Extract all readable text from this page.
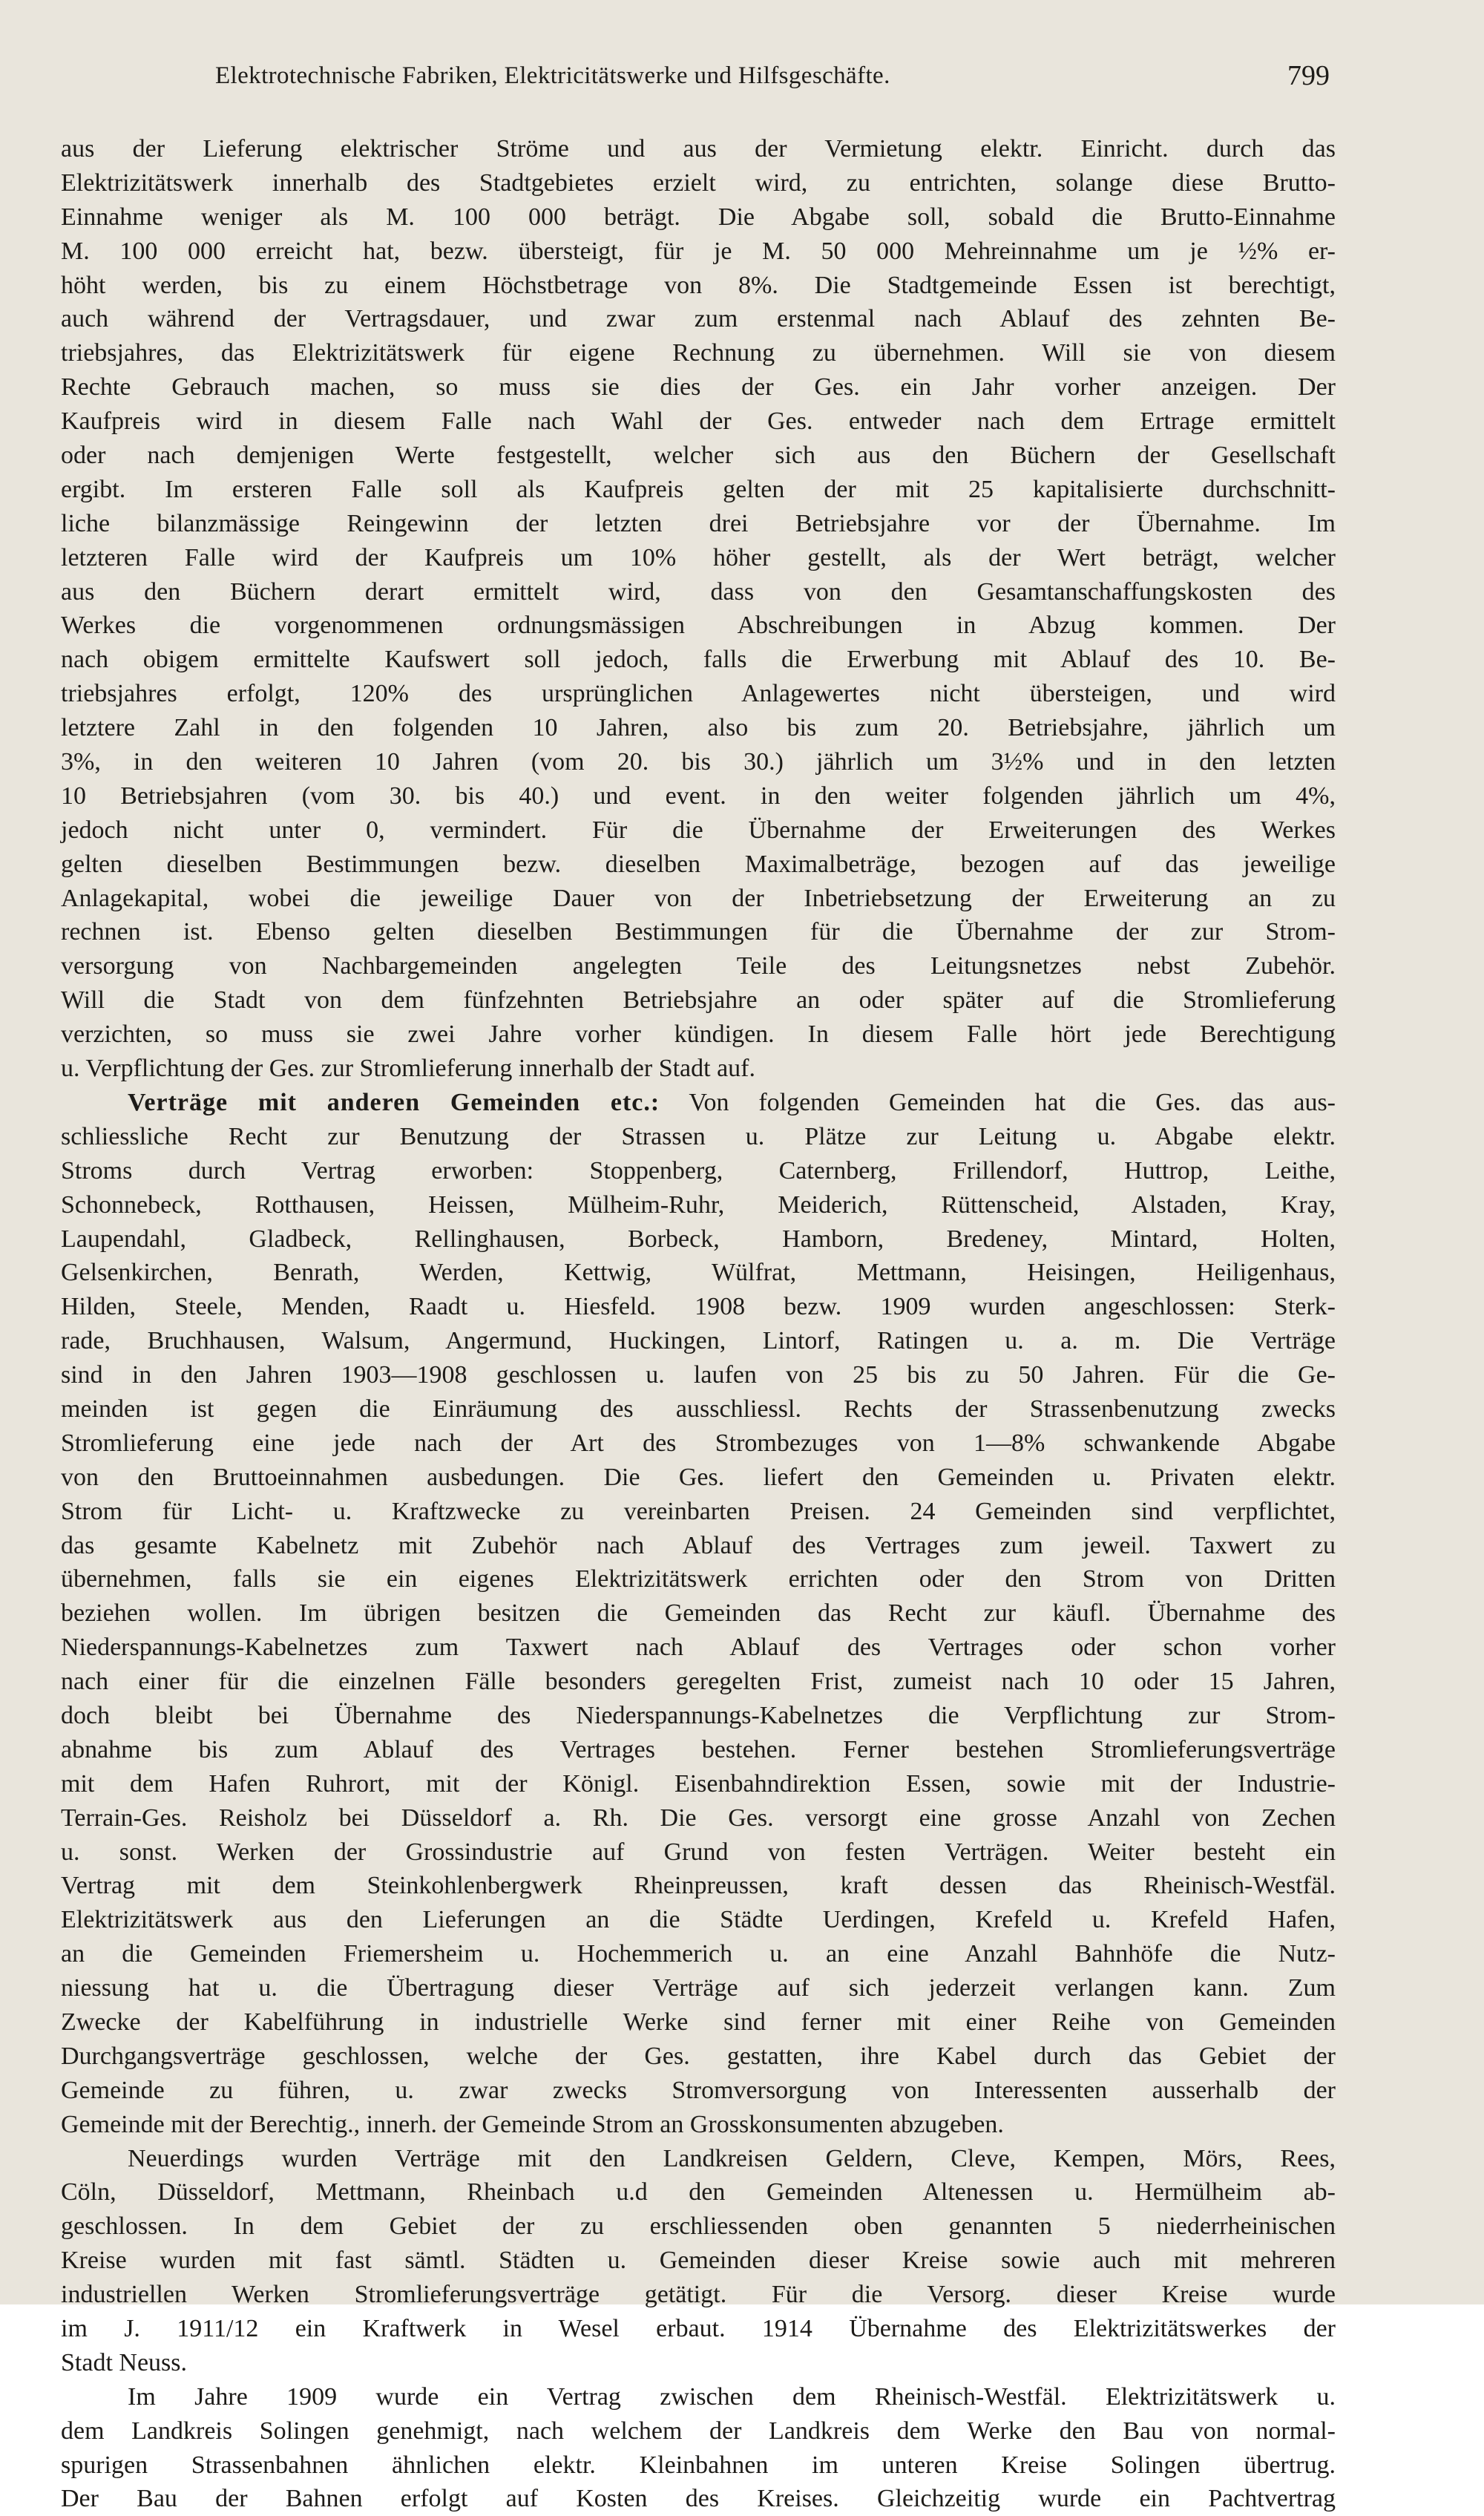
Elektrotechnische Fabriken, Elektricitätswerke und Hilfsgeschäfte.	799
aus der Lieferung elektrischer Ströme und aus der Vermietung elektr. Einricht. durch das
Elektrizitätswerk innerhalb des Stadtgebietes erzielt wird, zu entrichten, solange diese Brutto-
Einnahme weniger als M. 100 000 beträgt. Die Abgabe soll, sobald die Brutto-Einnahme
M. 100 000 erreicht hat, bezw. übersteigt, für je M. 50 000 Mehreinnahme um je ½% er-
höht werden, bis zu einem Höchstbetrage von 8%. Die Stadtgemeinde Essen ist berechtigt,
auch während der Vertragsdauer, und zwar zum erstenmal nach Ablauf des zehnten Be-
triebsjahres, das Elektrizitätswerk für eigene Rechnung zu übernehmen. Will sie von diesem
Rechte Gebrauch machen, so muss sie dies der Ges. ein Jahr vorher anzeigen. Der
Kaufpreis wird in diesem Falle nach Wahl der Ges. entweder nach dem Ertrage ermittelt
oder nach demjenigen Werte festgestellt, welcher sich aus den Büchern der Gesellschaft
ergibt. Im ersteren Falle soll als Kaufpreis gelten der mit 25 kapitalisierte durchschnitt-
liche bilanzmässige Reingewinn der letzten drei Betriebsjahre vor der Übernahme. Im
letzteren Falle wird der Kaufpreis um 10% höher gestellt, als der Wert beträgt, welcher
aus den Büchern derart ermittelt wird, dass von den Gesamtanschaffungskosten des
Werkes die vorgenommenen ordnungsmässigen Abschreibungen in Abzug kommen. Der
nach obigem ermittelte Kaufswert soll jedoch, falls die Erwerbung mit Ablauf des 10. Be-
triebsjahres erfolgt, 120% des ursprünglichen Anlagewertes nicht übersteigen, und wird
letztere Zahl in den folgenden 10 Jahren, also bis zum 20. Betriebsjahre, jährlich um
3%, in den weiteren 10 Jahren (vom 20. bis 30.) jährlich um 3½% und in den letzten
10 Betriebsjahren (vom 30. bis 40.) und event. in den weiter folgenden jährlich um 4%,
jedoch nicht unter 0, vermindert. Für die Übernahme der Erweiterungen des Werkes
gelten dieselben Bestimmungen bezw. dieselben Maximalbeträge, bezogen auf das jeweilige
Anlagekapital, wobei die jeweilige Dauer von der Inbetriebsetzung der Erweiterung an zu
rechnen ist. Ebenso gelten dieselben Bestimmungen für die Übernahme der zur Strom-
versorgung von Nachbargemeinden angelegten Teile des Leitungsnetzes nebst Zubehör.
Will die Stadt von dem fünfzehnten Betriebsjahre an oder später auf die Stromlieferung
verzichten, so muss sie zwei Jahre vorher kündigen. In diesem Falle hört jede Berechtigung
u. Verpflichtung der Ges. zur Stromlieferung innerhalb der Stadt auf.
Verträge mit anderen Gemeinden etc.: Von folgenden Gemeinden hat die Ges. das aus-
schliessliche Recht zur Benutzung der Strassen u. Plätze zur Leitung u. Abgabe elektr.
Stroms durch Vertrag erworben: Stoppenberg, Caternberg, Frillendorf, Huttrop, Leithe,
Schonnebeck, Rotthausen, Heissen, Mülheim-Ruhr, Meiderich, Rüttenscheid, Alstaden, Kray,
Laupendahl, Gladbeck, Rellinghausen, Borbeck, Hamborn, Bredeney, Mintard, Holten,
Gelsenkirchen, Benrath, Werden, Kettwig, Wülfrat, Mettmann, Heisingen, Heiligenhaus,
Hilden, Steele, Menden, Raadt u. Hiesfeld. 1908 bezw. 1909 wurden angeschlossen: Sterk-
rade, Bruchhausen, Walsum, Angermund, Huckingen, Lintorf, Ratingen u. a. m. Die Verträge
sind in den Jahren 1903—1908 geschlossen u. laufen von 25 bis zu 50 Jahren. Für die Ge-
meinden ist gegen die Einräumung des ausschliessl. Rechts der Strassenbenutzung zwecks
Stromlieferung eine jede nach der Art des Strombezuges von 1—8% schwankende Abgabe
von den Bruttoeinnahmen ausbedungen. Die Ges. liefert den Gemeinden u. Privaten elektr.
Strom für Licht- u. Kraftzwecke zu vereinbarten Preisen. 24 Gemeinden sind verpflichtet,
das gesamte Kabelnetz mit Zubehör nach Ablauf des Vertrages zum jeweil. Taxwert zu
übernehmen, falls sie ein eigenes Elektrizitätswerk errichten oder den Strom von Dritten
beziehen wollen. Im übrigen besitzen die Gemeinden das Recht zur käufl. Übernahme des
Niederspannungs-Kabelnetzes zum Taxwert nach Ablauf des Vertrages oder schon vorher
nach einer für die einzelnen Fälle besonders geregelten Frist, zumeist nach 10 oder 15 Jahren,
doch bleibt bei Übernahme des Niederspannungs-Kabelnetzes die Verpflichtung zur Strom-
abnahme bis zum Ablauf des Vertrages bestehen. Ferner bestehen Stromlieferungsverträge
mit dem Hafen Ruhrort, mit der Königl. Eisenbahndirektion Essen, sowie mit der Industrie-
Terrain-Ges. Reisholz bei Düsseldorf a. Rh. Die Ges. versorgt eine grosse Anzahl von Zechen
u. sonst. Werken der Grossindustrie auf Grund von festen Verträgen. Weiter besteht ein
Vertrag mit dem Steinkohlenbergwerk Rheinpreussen, kraft dessen das Rheinisch-Westfäl.
Elektrizitätswerk aus den Lieferungen an die Städte Uerdingen, Krefeld u. Krefeld Hafen,
an die Gemeinden Friemersheim u. Hochemmerich u. an eine Anzahl Bahnhöfe die Nutz-
niessung hat u. die Übertragung dieser Verträge auf sich jederzeit verlangen kann. Zum
Zwecke der Kabelführung in industrielle Werke sind ferner mit einer Reihe von Gemeinden
Durchgangsverträge geschlossen, welche der Ges. gestatten, ihre Kabel durch das Gebiet der
Gemeinde zu führen, u. zwar zwecks Stromversorgung von Interessenten ausserhalb der
Gemeinde mit der Berechtig., innerh. der Gemeinde Strom an Grosskonsumenten abzugeben.
Neuerdings wurden Verträge mit den Landkreisen Geldern, Cleve, Kempen, Mörs, Rees,
Cöln, Düsseldorf, Mettmann, Rheinbach u.d den Gemeinden Altenessen u. Hermülheim ab-
geschlossen. In dem Gebiet der zu erschliessenden oben genannten 5 niederrheinischen
Kreise wurden mit fast sämtl. Städten u. Gemeinden dieser Kreise sowie auch mit mehreren
industriellen Werken Stromlieferungsverträge getätigt. Für die Versorg. dieser Kreise wurde
im J. 1911/12 ein Kraftwerk in Wesel erbaut. 1914 Übernahme des Elektrizitätswerkes der
Stadt Neuss.
Im Jahre 1909 wurde ein Vertrag zwischen dem Rheinisch-Westfäl. Elektrizitätswerk u.
dem Landkreis Solingen genehmigt, nach welchem der Landkreis dem Werke den Bau von normal-
spurigen Strassenbahnen ähnlichen elektr. Kleinbahnen im unteren Kreise Solingen übertrug.
Der Bau der Bahnen erfolgt auf Kosten des Kreises. Gleichzeitig wurde ein Pachtvertrag
